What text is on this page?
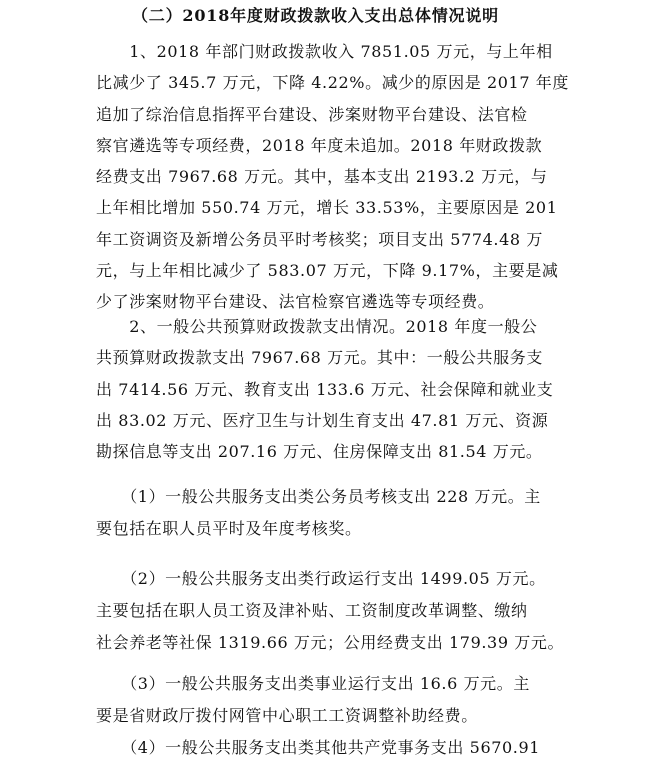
（二）2018年度财政拨款收入支出总体情况说明

　　1、2018 年部门财政拨款收入 7851.05 万元，与上年相

比减少了 345.7 万元，下降 4.22%。减少的原因是 2017 年度

追加了综治信息指挥平台建设、涉案财物平台建设、法官检

察官遴选等专项经费，2018 年度未追加。2018 年财政拨款

经费支出 7967.68 万元。其中，基本支出 2193.2 万元，与

上年相比增加 550.74 万元，增长 33.53%，主要原因是 201

年工资调资及新增公务员平时考核奖；项目支出 5774.48 万

元，与上年相比减少了 583.07 万元，下降 9.17%，主要是减

少了涉案财物平台建设、法官检察官遴选等专项经费。

　　2、一般公共预算财政拨款支出情况。2018 年度一般公

共预算财政拨款支出 7967.68 万元。其中：一般公共服务支

出 7414.56 万元、教育支出 133.6 万元、社会保障和就业支

出 83.02 万元、医疗卫生与计划生育支出 47.81 万元、资源

勘探信息等支出 207.16 万元、住房保障支出 81.54 万元。

　　（1）一般公共服务支出类公务员考核支出 228 万元。主

要包括在职人员平时及年度考核奖。

　　（2）一般公共服务支出类行政运行支出 1499.05 万元。

主要包括在职人员工资及津补贴、工资制度改革调整、缴纳

社会养老等社保 1319.66 万元；公用经费支出 179.39 万元。

　　（3）一般公共服务支出类事业运行支出 16.6 万元。主

要是省财政厅拨付网管中心职工工资调整补助经费。

　　（4）一般公共服务支出类其他共产党事务支出 5670.91
